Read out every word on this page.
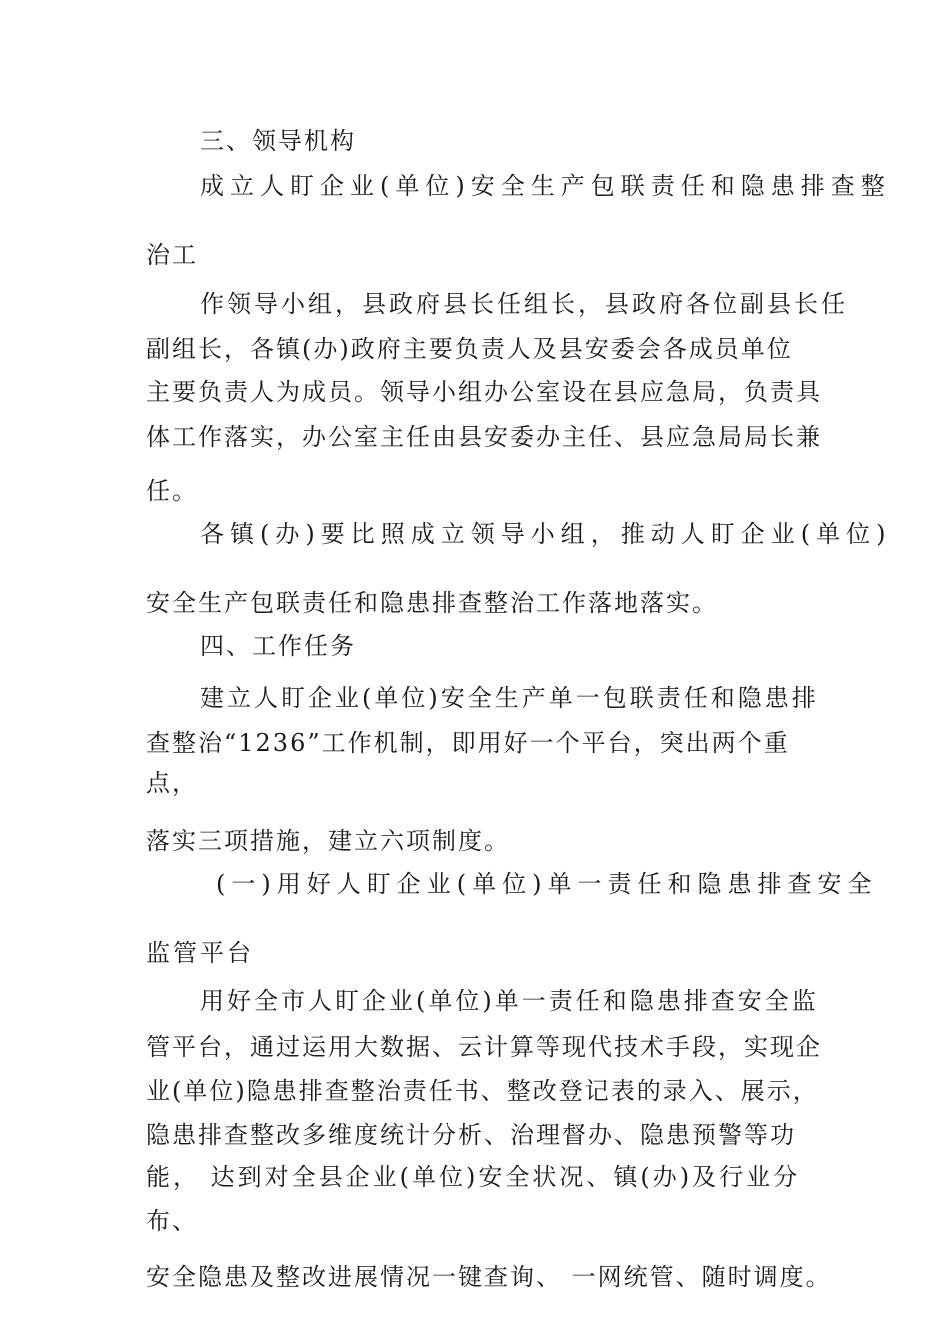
三、领导机构
成立人盯企业(单位)安全生产包联责任和隐患排查整
治工
作领导小组，县政府县长任组长，县政府各位副县长任
副组长，各镇(办)政府主要负责人及县安委会各成员单位
主要负责人为成员。领导小组办公室设在县应急局，负责具
体工作落实，办公室主任由县安委办主任、县应急局局长兼
任。
各镇(办)要比照成立领导小组，推动人盯企业(单位)
安全生产包联责任和隐患排查整治工作落地落实。
四、工作任务
建立人盯企业(单位)安全生产单一包联责任和隐患排
查整治“1236”工作机制，即用好一个平台，突出两个重
点，
落实三项措施，建立六项制度。
(一)用好人盯企业(单位)单一责任和隐患排查安全
监管平台
用好全市人盯企业(单位)单一责任和隐患排查安全监
管平台，通过运用大数据、云计算等现代技术手段，实现企
业(单位)隐患排查整治责任书、整改登记表的录入、展示，
隐患排查整改多维度统计分析、治理督办、隐患预警等功
能， 达到对全县企业(单位)安全状况、镇(办)及行业分
布、
安全隐患及整改进展情况一键查询、 一网统管、随时调度。
